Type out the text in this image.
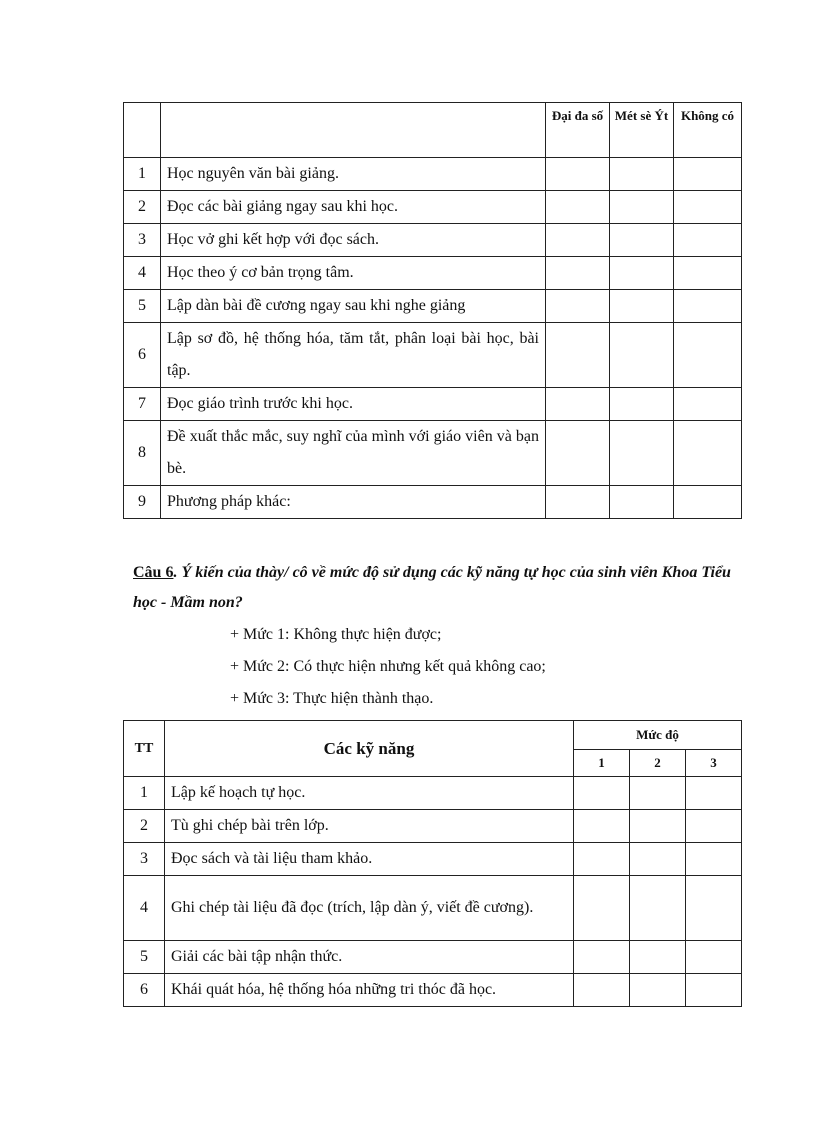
		Đại đa số	Mét sè Ýt	Không có
1	Học nguyên văn bài giảng.			
2	Đọc các bài giảng ngay sau khi học.			
3	Học vở ghi kết hợp với đọc sách.			
4	Học theo ý cơ bản trọng tâm.			
5	Lập dàn bài đề cương ngay sau khi nghe giảng			
6	Lập sơ đồ, hệ thống hóa, tăm tắt, phân loại bài học, bài tập.			
7	Đọc giáo trình trước khi học.			
8	Đề xuất thắc mắc, suy nghĩ của mình với giáo viên và bạn bè.			
9	Phương pháp khác:			
Câu 6. Ý kiến của thày/ cô về mức độ sử dụng các kỹ năng tự học của sinh viên Khoa Tiểu học - Mầm non?
+ Mức 1: Không thực hiện được;
+ Mức 2: Có thực hiện nhưng kết quả không cao;
+ Mức 3: Thực hiện thành thạo.
TT	Các kỹ năng	Mức độ		
		1	2	3
1	Lập kế hoạch tự học.			
2	Tù ghi chép bài trên lớp.			
3	Đọc sách và tài liệu tham khảo.			
4	Ghi chép tài liệu đã đọc (trích, lập dàn ý, viết đề cương).			
5	Giải các bài tập nhận thức.			
6	Khái quát hóa, hệ thống hóa những tri thóc đã học.			
